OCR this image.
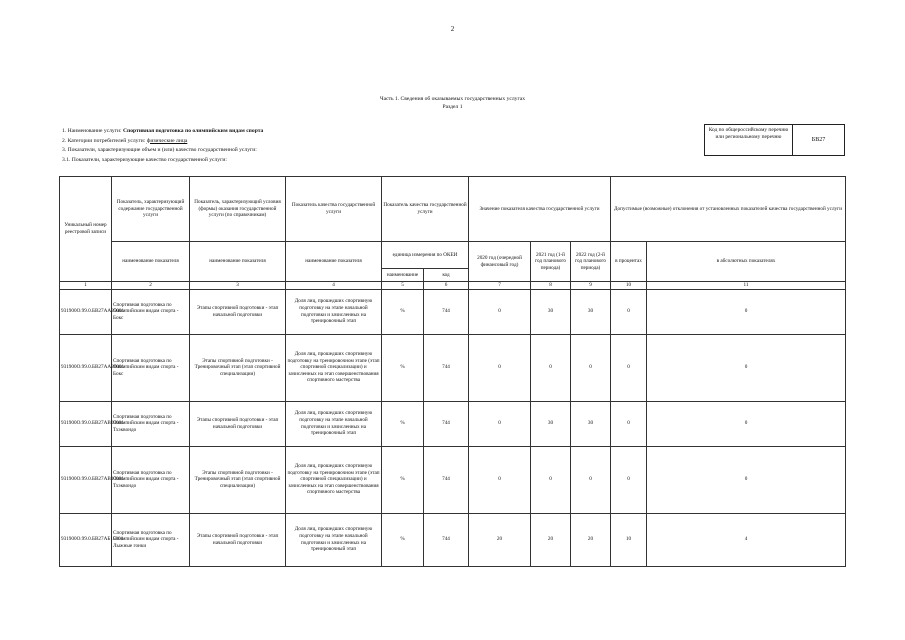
2
Часть 1. Сведения об оказываемых государственных услугах
Раздел 1
1. Наименование услуги: Спортивная подготовка по олимпийским видам спорта
2. Категории потребителей услуги: физические лица
3. Показатели, характеризующие объем и (или) качество государственной услуги:
3.1. Показатели, характеризующие качество государственной услуги:
Код по общероссийскому перечню или региональному перечню	БВ27
Уникальный номер реестровой записи	Показатель, характеризующий содержание государственной услуги	Показатель, характеризующий условия (формы) оказания государственной услуги (по справочникам)	Показатель качества государственной услуги	Показатель качества государственной услуги		Значение показателя качества государственной услуги			Допустимые (возможные) отклонения от установленных показателей качества государственной услуги	
	наименование показателя	наименование показателя	наименование показателя	единица измерения по ОКЕИ		2020 год (очередной финансовый год)	2021 год (1-й год планового периода)	2022 год (2-й год планового периода)	в процентах	в абсолютных показателях
				наименование	код					
1	2	3	4	5	6	7	8	9	10	11
931900О.99.0.БВ27АА25001	Спортивная подготовка по Олимпийским видам спорта - Бокс	Этапы спортивной подготовки - этап начальной подготовки	Доля лиц, прошедших спортивную подготовку на этапе начальной подготовки и зачисленных на тренировочный этап	%	744	0	30	30	0	0
931900О.99.0.БВ27АА26001	Спортивная подготовка по Олимпийским видам спорта - Бокс	Этапы спортивной подготовки - Тренировочный этап (этап спортивной специализации)	Доля лиц, прошедших спортивную подготовку на тренировочном этапе (этап спортивной специализации) и зачисленных на этап совершенствования спортивного мастерства	%	744	0	0	0	0	0
931900О.99.0.БВ27АВ09001	Спортивная подготовка по Олимпийским видам спорта - Тхэквондо	Этапы спортивной подготовки - этап начальной подготовки	Доля лиц, прошедших спортивную подготовку на этапе начальной подготовки и зачисленных на тренировочный этап	%	744	0	30	30	0	0
931900О.99.0.БВ27АВ10001	Спортивная подготовка по Олимпийским видам спорта - Тхэквондо	Этапы спортивной подготовки - Тренировочный этап (этап спортивной специализации)	Доля лиц, прошедших спортивную подготовку на тренировочном этапе (этап спортивной специализации) и зачисленных на этап совершенствования спортивного мастерства	%	744	0	0	0	0	0
931900О.99.0.БВ27АБ15001	Спортивная подготовка по Олимпийским видам спорта - Лыжные гонки	Этапы спортивной подготовки - этап начальной подготовки	Доля лиц, прошедших спортивную подготовку на этапе начальной подготовки и зачисленных на тренировочный этап	%	744	20	20	20	10	4
